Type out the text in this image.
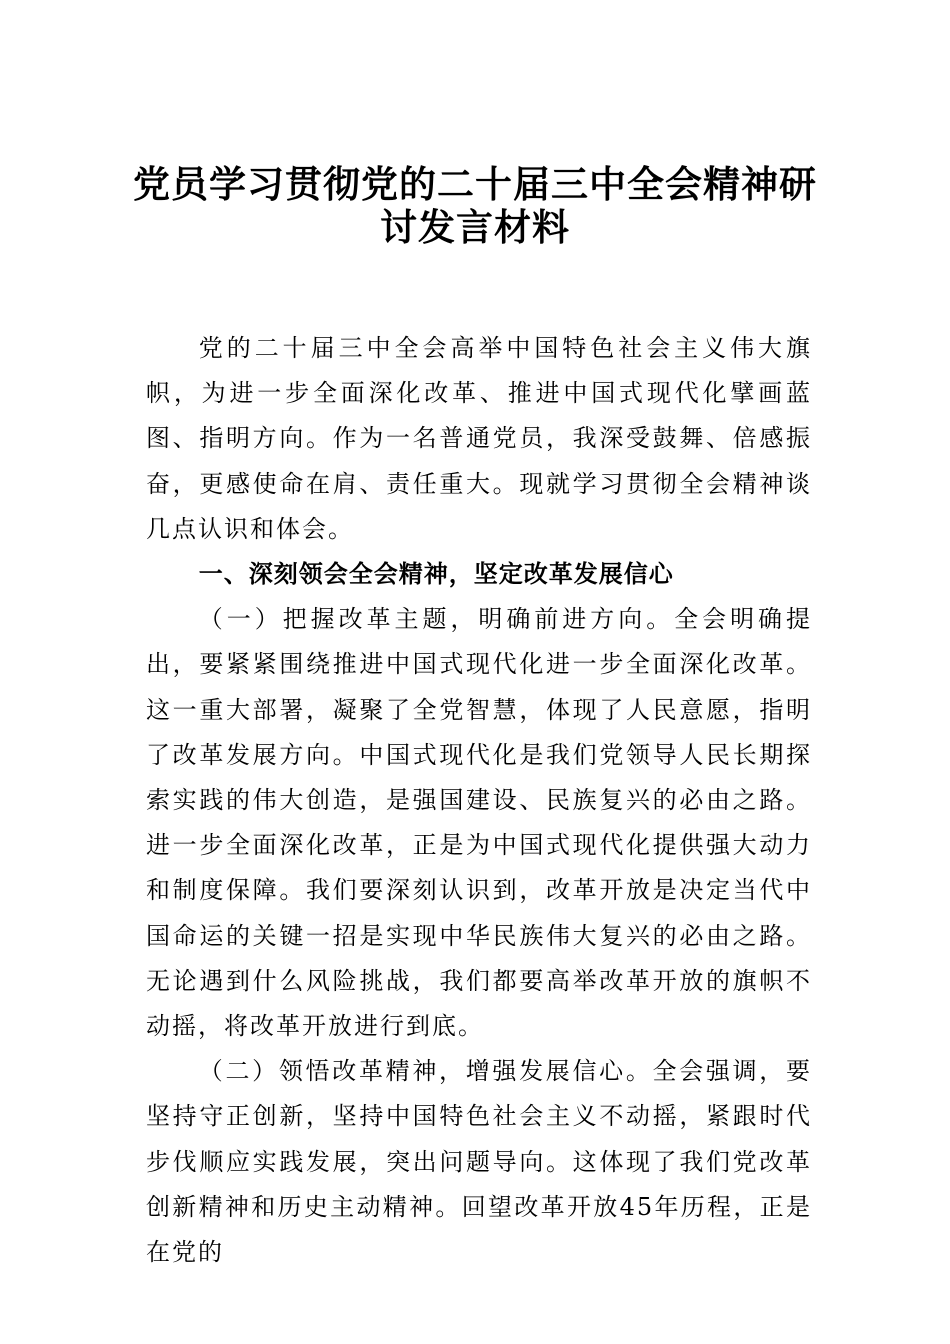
党员学习贯彻党的二十届三中全会精神研
讨发言材料

党的二十届三中全会高举中国特色社会主义伟大旗帜，为进一步全面深化改革、推进中国式现代化擘画蓝图、指明方向。作为一名普通党员，我深受鼓舞、倍感振奋，更感使命在肩、责任重大。现就学习贯彻全会精神谈几点认识和体会。

一、深刻领会全会精神，坚定改革发展信心

（一）把握改革主题，明确前进方向。全会明确提出，要紧紧围绕推进中国式现代化进一步全面深化改革。这一重大部署，凝聚了全党智慧，体现了人民意愿，指明了改革发展方向。中国式现代化是我们党领导人民长期探索实践的伟大创造，是强国建设、民族复兴的必由之路。进一步全面深化改革，正是为中国式现代化提供强大动力和制度保障。我们要深刻认识到，改革开放是决定当代中国命运的关键一招是实现中华民族伟大复兴的必由之路。无论遇到什么风险挑战，我们都要高举改革开放的旗帜不动摇，将改革开放进行到底。

（二）领悟改革精神，增强发展信心。全会强调，要坚持守正创新，坚持中国特色社会主义不动摇，紧跟时代步伐顺应实践发展，突出问题导向。这体现了我们党改革创新精神和历史主动精神。回望改革开放45年历程，正是在党的
